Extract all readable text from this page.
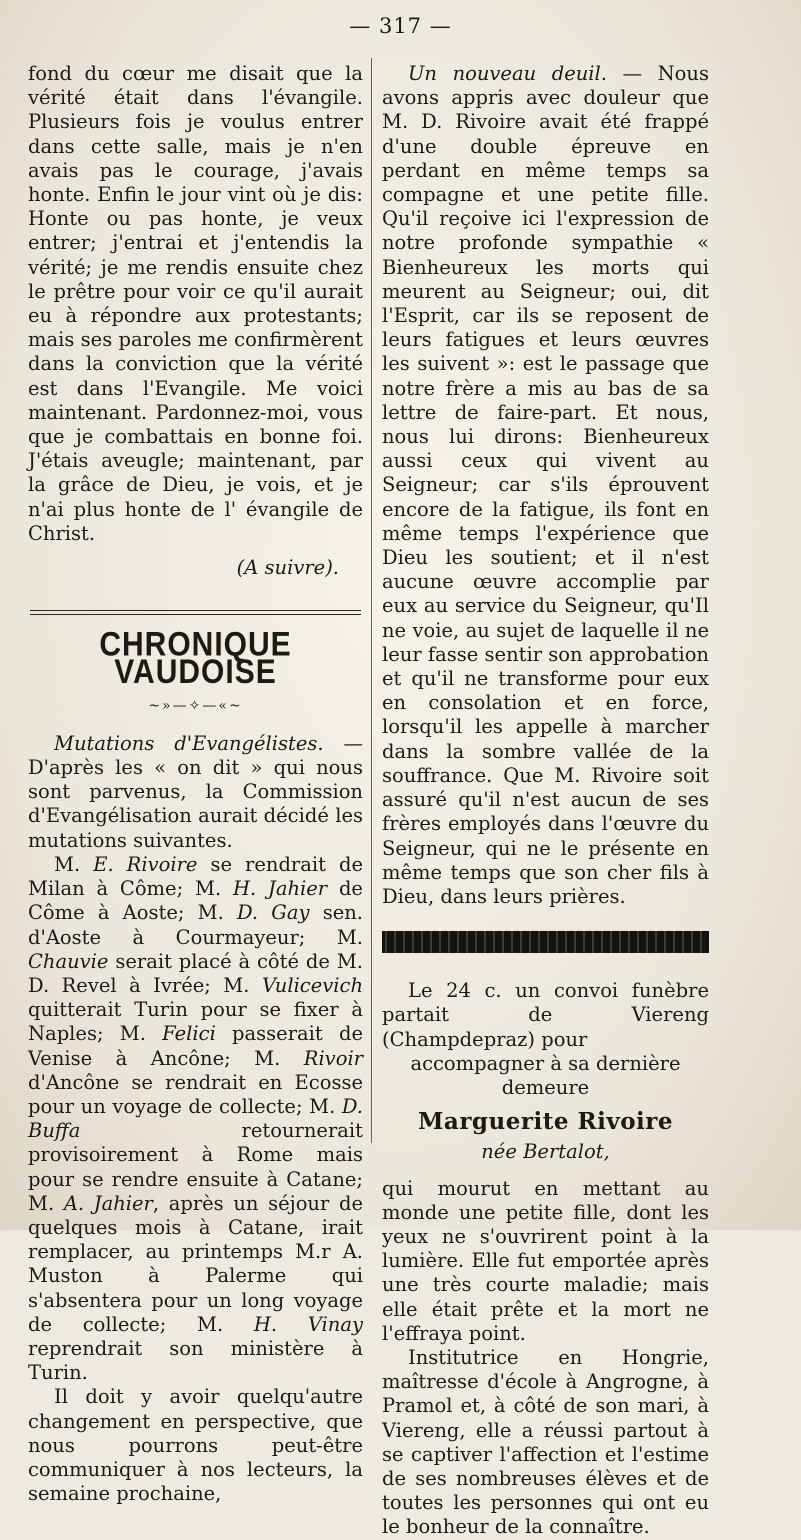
— 317 —

fond du cœur me disait que la vérité était dans l'évangile. Plusieurs fois je voulus entrer dans cette salle, mais je n'en avais pas le courage, j'avais honte. Enfin le jour vint où je dis: Honte ou pas honte, je veux entrer; j'entrai et j'entendis la vérité; je me rendis ensuite chez le prêtre pour voir ce qu'il aurait eu à répondre aux protestants; mais ses paroles me confirmèrent dans la conviction que la vérité est dans l'Evangile. Me voici maintenant. Pardonnez-moi, vous que je combattais en bonne foi. J'étais aveugle; maintenant, par la grâce de Dieu, je vois, et je n'ai plus honte de l' évangile de Christ.

(A suivre).
CHRONIQUE VAUDOISE
~»—✧—«~

Mutations d'Evangélistes. — D'après les « on dit » qui nous sont parvenus, la Commission d'Evangélisation aurait décidé les mutations suivantes.

M. E. Rivoire se rendrait de Milan à Côme; M. H. Jahier de Côme à Aoste; M. D. Gay sen. d'Aoste à Courmayeur; M. Chauvie serait placé à côté de M. D. Revel à Ivrée; M. Vulicevich quitterait Turin pour se fixer à Naples; M. Felici passerait de Venise à Ancône; M. Rivoir d'Ancône se rendrait en Ecosse pour un voyage de collecte; M. D. Buffa retournerait provisoirement à Rome mais pour se rendre ensuite à Catane; M. A. Jahier, après un séjour de quelques mois à Catane, irait remplacer, au printemps M.r A. Muston à Palerme qui s'absentera pour un long voyage de collecte; M. H. Vinay reprendrait son ministère à Turin.

Il doit y avoir quelqu'autre changement en perspective, que nous pourrons peut-être communiquer à nos lecteurs, la semaine prochaine,

Un nouveau deuil. — Nous avons appris avec douleur que M. D. Rivoire avait été frappé d'une double épreuve en perdant en même temps sa compagne et une petite fille. Qu'il reçoive ici l'expression de notre profonde sympathie « Bienheureux les morts qui meurent au Seigneur; oui, dit l'Esprit, car ils se reposent de leurs fatigues et leurs œuvres les suivent »: est le passage que notre frère a mis au bas de sa lettre de faire-part. Et nous, nous lui dirons: Bienheureux aussi ceux qui vivent au Seigneur; car s'ils éprouvent encore de la fatigue, ils font en même temps l'expérience que Dieu les soutient; et il n'est aucune œuvre accomplie par eux au service du Seigneur, qu'Il ne voie, au sujet de laquelle il ne leur fasse sentir son approbation et qu'il ne transforme pour eux en consolation et en force, lorsqu'il les appelle à marcher dans la sombre vallée de la souffrance. Que M. Rivoire soit assuré qu'il n'est aucun de ses frères employés dans l'œuvre du Seigneur, qui ne le présente en même temps que son cher fils à Dieu, dans leurs prières.

Le 24 c. un convoi funèbre partait de Viereng (Champdepraz) pour

accompagner à sa dernière demeure
Marguerite Rivoire
née Bertalot,

qui mourut en mettant au monde une petite fille, dont les yeux ne s'ouvrirent point à la lumière. Elle fut emportée après une très courte maladie; mais elle était prête et la mort ne l'effraya point.

Institutrice en Hongrie, maîtresse d'école à Angrogne, à Pramol et, à côté de son mari, à Viereng, elle a réussi partout à se captiver l'affection et l'estime de ses nombreuses élèves et de toutes les personnes qui ont eu le bonheur de la connaître.
